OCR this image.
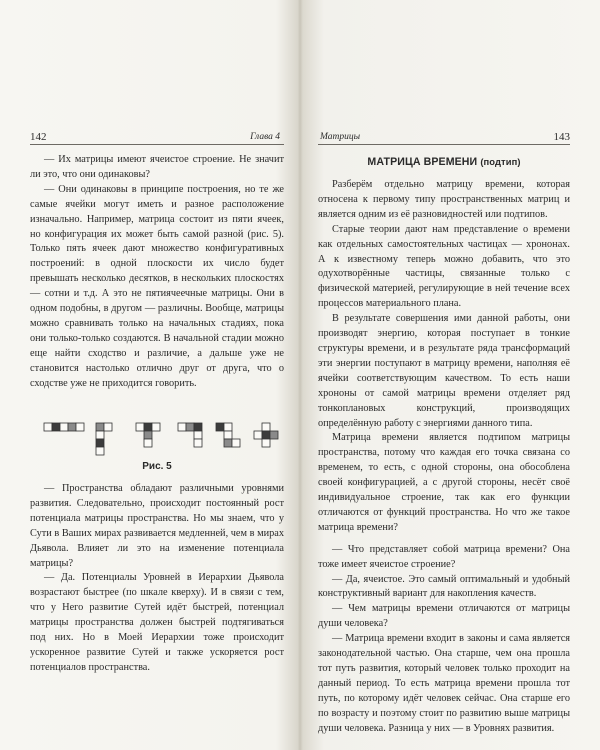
142	Глава 4

— Их матрицы имеют ячеистое строение. Не значит ли это, что они одинаковы?

— Они одинаковы в принципе построения, но те же самые ячейки могут иметь и разное расположение изначально. Например, матрица состоит из пяти ячеек, но конфигурация их может быть самой разной (рис. 5). Только пять ячеек дают множество конфигуративных построений: в одной плоскости их число будет превышать несколько десятков, в нескольких плоскостях — сотни и т.д. А это не пятиячеечные матрицы. Они в одном подобны, в другом — различны. Вообще, матрицы можно сравнивать только на начальных стадиях, пока они только-только создаются. В начальной стадии можно еще найти сходство и различие, а дальше уже не становится настолько отлично друг от друга, что о сходстве уже не приходится говорить.

Рис. 5

— Пространства обладают различными уровнями развития. Следовательно, происходит постоянный рост потенциала матрицы пространства. Но мы знаем, что у Сути в Ваших мирах развивается медленней, чем в мирах Дьявола. Влияет ли это на изменение потенциала матрицы?

— Да. Потенциалы Уровней в Иерархии Дьявола возрастают быстрее (по шкале кверху). И в связи с тем, что у Него развитие Сутей идёт быстрей, потенциал матрицы пространства должен быстрей подтягиваться под них. Но в Моей Иерархии тоже происходит ускоренное развитие Сутей и также ускоряется рост потенциалов пространства.

Матрицы	143
МАТРИЦА ВРЕМЕНИ (подтип)

Разберём отдельно матрицу времени, которая относена к первому типу пространственных матриц и является одним из её разновидностей или подтипов.

Старые теории дают нам представление о времени как отдельных самостоятельных частицах — хрононах. А к известному теперь можно добавить, что это одухотворённые частицы, связанные только с физической материей, регулирующие в ней течение всех процессов материального плана.

В результате совершения ими данной работы, они производят энергию, которая поступает в тонкие структуры времени, и в результате ряда трансформаций эти энергии поступают в матрицу времени, наполняя её ячейки соответствующим качеством. То есть наши хрононы от самой матрицы времени отделяет ряд тонкоплановых конструкций, производящих определённую работу с энергиями данного типа.

Матрица времени является подтипом матрицы пространства, потому что каждая его точка связана со временем, то есть, с одной стороны, она обособлена своей конфигурацией, а с другой стороны, несёт своё индивидуальное строение, так как его функции отличаются от функций пространства. Но что же такое матрица времени?

— Что представляет собой матрица времени? Она тоже имеет ячеистое строение?

— Да, ячеистое. Это самый оптимальный и удобный конструктивный вариант для накопления качеств.

— Чем матрицы времени отличаются от матрицы души человека?

— Матрица времени входит в законы и сама является законодательной частью. Она старше, чем она прошла тот путь развития, который человек только проходит на данный период. То есть матрица времени прошла тот путь, по которому идёт человек сейчас. Она старше его по возрасту и поэтому стоит по развитию выше матрицы души человека. Разница у них — в Уровнях развития.
